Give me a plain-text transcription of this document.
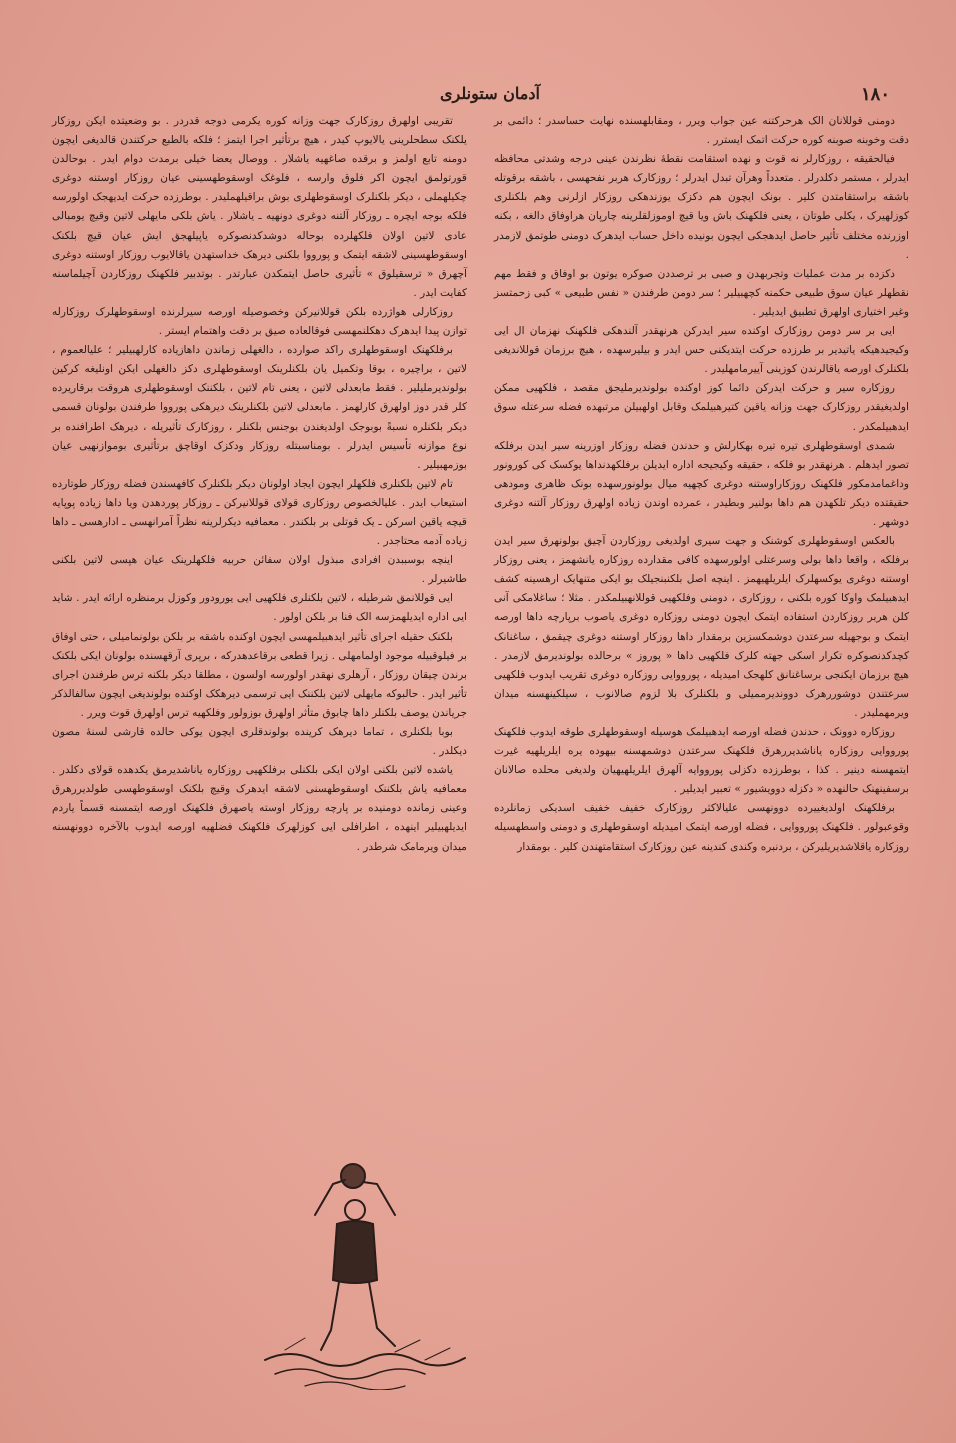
آدمان ستونلری	١٨٠

دومنی قوللانان الک هرحرکتنه عین جواب ویرر ، ومقابلهسنده نهایت حساسدر ؛ دائمی بر دقت وخوبنه صوبنه کوره حرکت اتمک ایسترر .

فیالحقیقه ، روزکارلر نه قوت و نهده استقامت نقطهٔ نظرندن عینی درجه وشدتی محافظه ایدرلر ، مستمر دکلدرلر . متعدداً وهرآن تبدل ایدرلر ؛ روزکارک هربر نفحهسی ، باشقه برقوتله باشقه براستقامتدن کلیر . بونک ایچون هم دکزک یوزندهکی روزکار ازلرنی وهم بلکنلری کوزلهیرک ، یکلی طوتان ، یعنی فلکهنک باش ویا قیچ اوموزلقلرینه چارپان هراوفاق دالغه ، بکنه اوزرنده مختلف تأثیر حاصل ایدهجکی ایچون بونیده داخل حساب ایدهرک دومنی طوتمق لازمدر .

دکزده بر مدت عملیات وتجربهدن و صبی بر ترصددن صوکره یوتون بو اوفاق و فقط مهم نقطهلر عیان سوق طبیعی حکمنه کچهبیلیر ؛ سر دومن طرفندن « نفس طبیعی » کبی زحمتسز وغیر اختیاری اولهرق تطبیق ایدیلیر .

ایی بر سر دومن روزکارک اوکنده سیر ایدرکن هرنهقدر آلندهکی فلکهنک نهزمان ال ایی وکیجیدهیکه یاتیدیر بر طرزده حرکت ایتدیکنی حس ایدر و بیلیرسهده ، هیچ برزمان قوللاندیغی بلکنلرک اورصه یاقالرندن کوزینی آییرمامهلیدر .

روزکاره سیر و حرکت ایدرکن دائما کوز اوکنده بولوندیرملیجق مقصد ، فلکهیی ممکن اولدیغیقدر روزکارک جهت وزانه یاقین کتیرهبیلمک وقابل اولهبیلن مرتبهده فضله سرعتله سوق ایدهبیلمکدر .

شمدی اوسقوطهلری تیره تیره بهکارلش و حدندن فضله روزکار اوزرینه سیر ایدن برفلکه تصور ایدهلم . هرنهقدر بو فلکه ، حقیقه وکیجیجه اداره ایدیلن برفلکهدنداها یوکسک کی کورونور وداغمامدمکور فلکهنک روزکاراوستنه دوغری کچهیه میال بولونورسهده بونک ظاهری ومودهی حقیقتده دیکر تلکهدن هم داها بولنیر وبطیدر ، عمرده اوندن زیاده اولهرق روزکار آلتنه دوغری دوشهر .

بالعکس اوسقوطهلری کوشنک و جهت سیری اولدیغی روزکاردن آچیق بولونهرق سیر ایدن برفلکه ، واقعا داها بولی وسرعتلی اولورسهده کافی مقدارده روزکاره یانشهمز ، یعنی روزکار اوستنه دوغری یوکسهلرک ایلریلهیهمز . اینچه اصل بلکنبنجیلک بو ایکی متنهایک ارهسینه کشف ایدهبیلمک واوکا کوره بلکنی ، روزکاری ، دومنی وفلکهیی قوللانهبیلمکدر . مثلا ؛ ساغلامکی آنی کلن هربر روزکاردن استفاده ایتمک ایچون دومنی روزکاره دوغری یاصوب برپارچه داها اورصه ایتمک و بوجهیله سرعتدن دوشمکسزین برمقدار داها روزکار اوستنه دوغری چیقمق ، ساغنانک کچدکدنصوکره تکرار اسکی جهته کلرک فلکهیی داها « پوروز » برحالده بولوندیرمق لازمدر . هیچ برزمان ایکنجی برساغنانق کلهجک امیدیله ، پورووایی روزکاره دوغری تقریب ایدوب فلکهیی سرعتندن دوشوررهرک دووندیرممیلی و بلکنلرک بلا لزوم صالانوب ، سیلکینهسنه میدان ویرمهملیدر .

روزکاره دوونک ، حدندن فضله اورصه ایدهبیلمک هوسیله اوسقوطهلری طوقه ایدوب فلکهنک پورووایی روزکاره یاناشدیررهرق فلکهنک سرعتدن دوشمهسنه بیهوده یره ایلریلهیه غیرت ایتمهسنه دینیر . کذا ، بوطرزده دکزلی پورووایه آلهرق ایلریلهیهیان ولدیغی محلده صالانان برسفینهنک حالنهده « دکزله دوویشیور » تعبیر ایدیلیر .

برفلکهنک اولدیغییرده دوونهسی علیالاکثر روزکارک خفیف خفیف اسدیکی زمانلرده وقوعبولور . فلکهنک پورووایی ، فضله اورصه ایتمک امیدیله اوسقوطهلری و دومنی واسطهسیله روزکاره یاقلاشدیریلیرکن ، بردنبره وکندی کندینه عین روزکارک استقامتهندن کلیر . بومقدار

تقریبی اولهرق روزکارک جهت وزانه کوره یکرمی دوجه قدردر . بو وضعیتده ایکن روزکار یلکنک سطحلرینی یالایوپ کیدر ، هیچ برتأثیر اجرا ایتمز ؛ فلکه بالطبع حرکتندن قالدیغی ایچون دومنه تابع اولمز و برقده صاغهیه یاشلار . ووصال یعضا خیلی برمدت دوام ایدر . بوحالدن قورتولمق ایچون اکر فلوق وارسه ، فلوغک اوسقوطهسینی عیان روزکار اوستنه دوغری چکیلهملی ، دیکر بلکنلرک اوسقوطهلری بوش براقیلهملیدر . بوطرزده حرکت ایدیهجک اولورسه فلکه بوجه ایچره ـ روزکار آلتنه دوغری دونهیه ـ یاشلار . یاش بلکی مایهلی لاتین وقیچ یومبالی عادی لاتین اولان فلکهلرده بوحاله دوشدکدنصوکره یاپیلهجق ایش عیان قیچ بلکنک اوسقوطهسینی لاشقه ایتمک و پورووا بلکنی دیرهک خداستهدن یاقالایوب روزکار اوستنه دوغری آچهرق « ترسقیلوق » تأثیری حاصل ایتمکدن عبارتدر . بوتدبیر فلکهنک روزکاردن آچیلماسنه کفایت ایدر .

روزکارلی هواژرده بلکن قوللانیرکن وخصوصیله اورصه سیرلرنده اوسقوطهلرک روزکارله توازن پیدا ایدهرک دهکلنمهسی فوقالعاده صیق بر دقت واهتمام ایستر .

برفلکهنک اوسقوطهلری راکد صوارده ، دالغهلی زماندن داهازیاده کارلهبیلیر ؛ علیالعموم ، لاتین ، براچیره ، بوقا وتکمیل یان بلکنلرینک اوسقوطهلری دکز دالغهلی ایکن اونلیغه کرکین بولوندیرملیلیر . فقط مابعدلی لاتین ، یعنی تام لاتین ، بلکننک اوسقوطهلری هروقت برقاریرده کلر قدر دوز اولهرق کارلهمز . مابعدلی لاتین بلکنلرینک دیرهکی پورووا طرفندن بولونان قسمی دیکر بلکنلره نسبةً بوبوجک اولدیغندن بوجنس بلکنلر ، روزکارک تأثیریله ، دیرهک اطرافنده بر نوع موازنه تأسیس ایدرلر . بومناسبتله روزکار ودکزک اوقاچق برتأثیری بوموازنهیی عیان بوزمهبیلیر .

تام لاتین بلکنلری فلکهلر ایچون ایجاد اولونان دیکر بلکنلرک کافهسندن فضله روزکار طوتارده استیعاب ایدر . علیالخصوص روزکاری قولای قوللانیرکن ـ روزکار پوردهدن ویا داها زیاده پوپایه قیچه یاقین اسرکن ـ یک قوتلی بر بلکندر . معمافیه دیکرلرینه نظراً آمرانهسی ـ ادارهسی ـ داها زیاده آدمه محتاجدر .

اینچه بوسببدن افرادی مبذول اولان سفائن حربیه فلکهلرینک عیان هپسی لاتین بلکنی طاشیرلر .

ایی قوللانمق شرطیله ، لاتین بلکنلری فلکهیی ایی یورودور وکوزل برمنظره ارائه ایدر . شاید ایی اداره ایدیلهمزسه الک فنا بر بلکن اولور .

بلکنک حقیله اجرای تأثیر ایدهبیلمهسی ایچون اوکنده باشقه بر بلکن بولونمامیلی ، حتی اوفاق بر فیلوقبیله موجود اولمامهلی . زیرا قطعی برقاعدهدرکه ، برپری آرقهسنده بولونان ایکی بلکنک برندن چیقان روزکار ، آرهلری نهقدر اولورسه اولسون ، مطلقا دیکر بلکنه ترس طرفندن اجرای تأثیر ایدر . حالبوکه مایهلی لاتین بلکننک ایی ترسمی دیرهکک اوکنده بولوندیغی ایچون سالفالذکر جریاندن یوصف بلکنلر داها چابوق متأثر اولهرق بوزولور وفلکهیه ترس اولهرق قوت ویرر .

بوبا بلکنلری ، تماما دیرهک کرینده بولوندقلری ایچون یوکی حالده قارشی لسنهٔ مصون دیکلدر .

یاشده لاتین بلکنی اولان ایکی بلکنلی برفلکهیی روزکاره یاناشدیرمق یکدهده قولای دکلدر . معمافیه یاش بلکننک اوسقوطهسنی لاشقه ایدهرک وقیچ بلکنک اوسقوطهسی طولدیررهرق وعینی زمانده دومنیده بر پارچه روزکار اوسته یاصهرق فلکهنک اورصه ایتمسنه قسماً یاردم ایدیلهبیلیر اینهده ، اطرافلی ایی کوزلهرک فلکهنک فضلهیه اورصه ایدوب بالآخره دوونهسنه میدان ویرمامک شرطدر .
